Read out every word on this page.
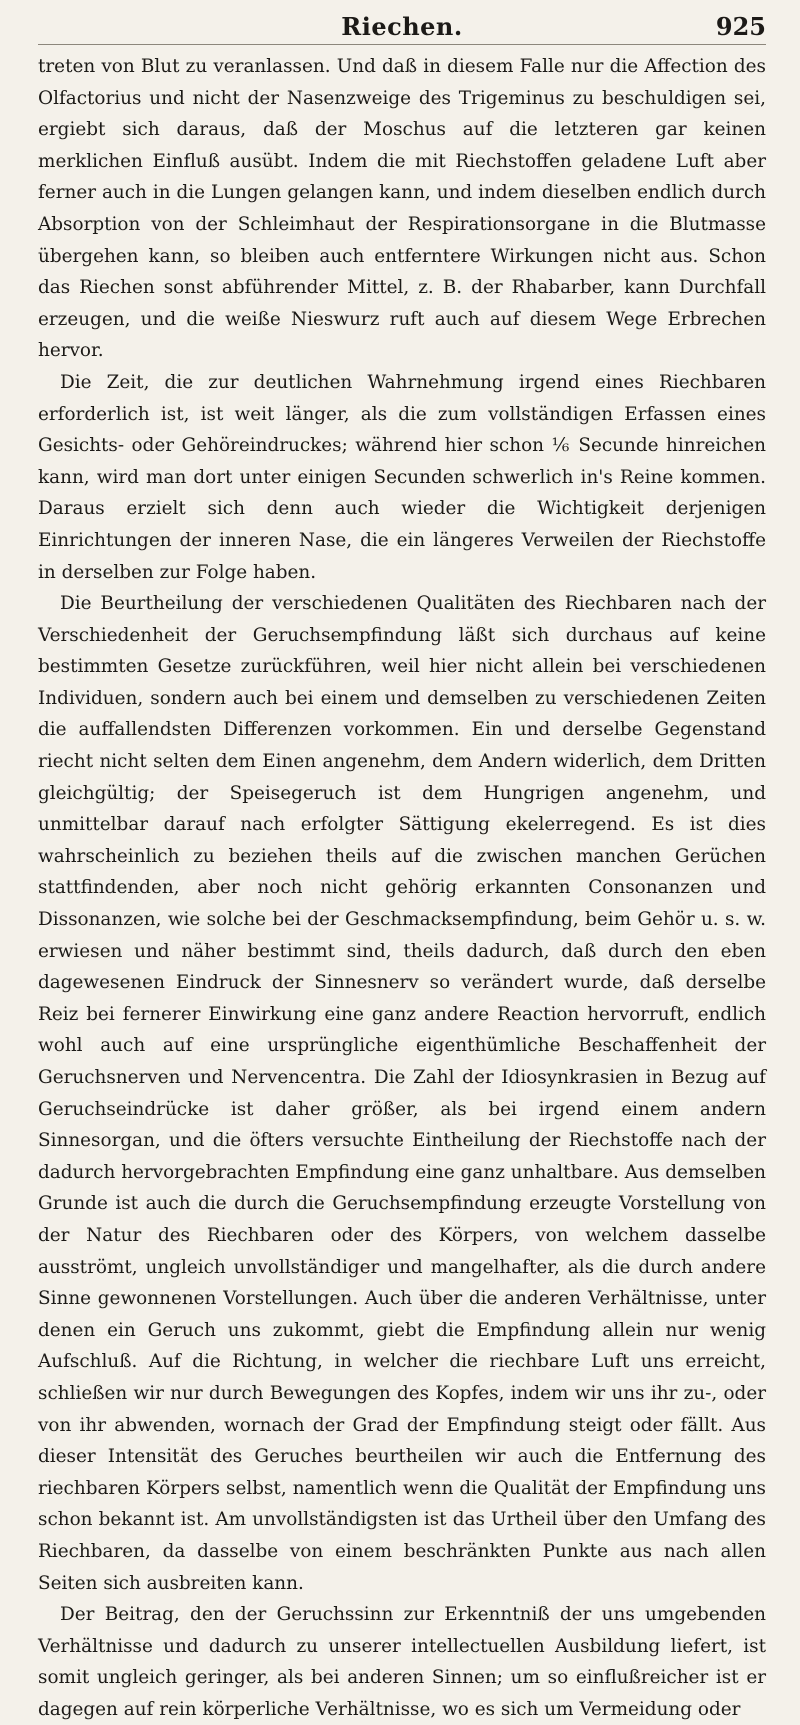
Riechen.	925

treten von Blut zu veranlassen. Und daß in diesem Falle nur die Affection des Olfactorius und nicht der Nasenzweige des Trigeminus zu beschuldigen sei, ergiebt sich daraus, daß der Moschus auf die letzteren gar keinen merklichen Einfluß ausübt. Indem die mit Riechstoffen geladene Luft aber ferner auch in die Lungen gelangen kann, und indem dieselben endlich durch Absorption von der Schleimhaut der Respirationsorgane in die Blutmasse übergehen kann, so bleiben auch entferntere Wirkungen nicht aus. Schon das Riechen sonst abführender Mittel, z. B. der Rhabarber, kann Durchfall erzeugen, und die weiße Nieswurz ruft auch auf diesem Wege Erbrechen hervor.

Die Zeit, die zur deutlichen Wahrnehmung irgend eines Riechbaren erforderlich ist, ist weit länger, als die zum vollständigen Erfassen eines Gesichts- oder Gehöreindruckes; während hier schon ⅙ Secunde hinreichen kann, wird man dort unter einigen Secunden schwerlich in's Reine kommen. Daraus erzielt sich denn auch wieder die Wichtigkeit derjenigen Einrichtungen der inneren Nase, die ein längeres Verweilen der Riechstoffe in derselben zur Folge haben.

Die Beurtheilung der verschiedenen Qualitäten des Riechbaren nach der Verschiedenheit der Geruchsempfindung läßt sich durchaus auf keine bestimmten Gesetze zurückführen, weil hier nicht allein bei verschiedenen Individuen, sondern auch bei einem und demselben zu verschiedenen Zeiten die auffallendsten Differenzen vorkommen. Ein und derselbe Gegenstand riecht nicht selten dem Einen angenehm, dem Andern widerlich, dem Dritten gleichgültig; der Speisegeruch ist dem Hungrigen angenehm, und unmittelbar darauf nach erfolgter Sättigung ekelerregend. Es ist dies wahrscheinlich zu beziehen theils auf die zwischen manchen Gerüchen stattfindenden, aber noch nicht gehörig erkannten Consonanzen und Dissonanzen, wie solche bei der Geschmacksempfindung, beim Gehör u. s. w. erwiesen und näher bestimmt sind, theils dadurch, daß durch den eben dagewesenen Eindruck der Sinnesnerv so verändert wurde, daß derselbe Reiz bei fernerer Einwirkung eine ganz andere Reaction hervorruft, endlich wohl auch auf eine ursprüngliche eigenthümliche Beschaffenheit der Geruchsnerven und Nervencentra. Die Zahl der Idiosynkrasien in Bezug auf Geruchseindrücke ist daher größer, als bei irgend einem andern Sinnesorgan, und die öfters versuchte Eintheilung der Riechstoffe nach der dadurch hervorgebrachten Empfindung eine ganz unhaltbare. Aus demselben Grunde ist auch die durch die Geruchsempfindung erzeugte Vorstellung von der Natur des Riechbaren oder des Körpers, von welchem dasselbe ausströmt, ungleich unvollständiger und mangelhafter, als die durch andere Sinne gewonnenen Vorstellungen. Auch über die anderen Verhältnisse, unter denen ein Geruch uns zukommt, giebt die Empfindung allein nur wenig Aufschluß. Auf die Richtung, in welcher die riechbare Luft uns erreicht, schließen wir nur durch Bewegungen des Kopfes, indem wir uns ihr zu-, oder von ihr abwenden, wornach der Grad der Empfindung steigt oder fällt. Aus dieser Intensität des Geruches beurtheilen wir auch die Entfernung des riechbaren Körpers selbst, namentlich wenn die Qualität der Empfindung uns schon bekannt ist. Am unvollständigsten ist das Urtheil über den Umfang des Riechbaren, da dasselbe von einem beschränkten Punkte aus nach allen Seiten sich ausbreiten kann.

Der Beitrag, den der Geruchssinn zur Erkenntniß der uns umgebenden Verhältnisse und dadurch zu unserer intellectuellen Ausbildung liefert, ist somit ungleich geringer, als bei anderen Sinnen; um so einflußreicher ist er dagegen auf rein körperliche Verhältnisse, wo es sich um Vermeidung oder
